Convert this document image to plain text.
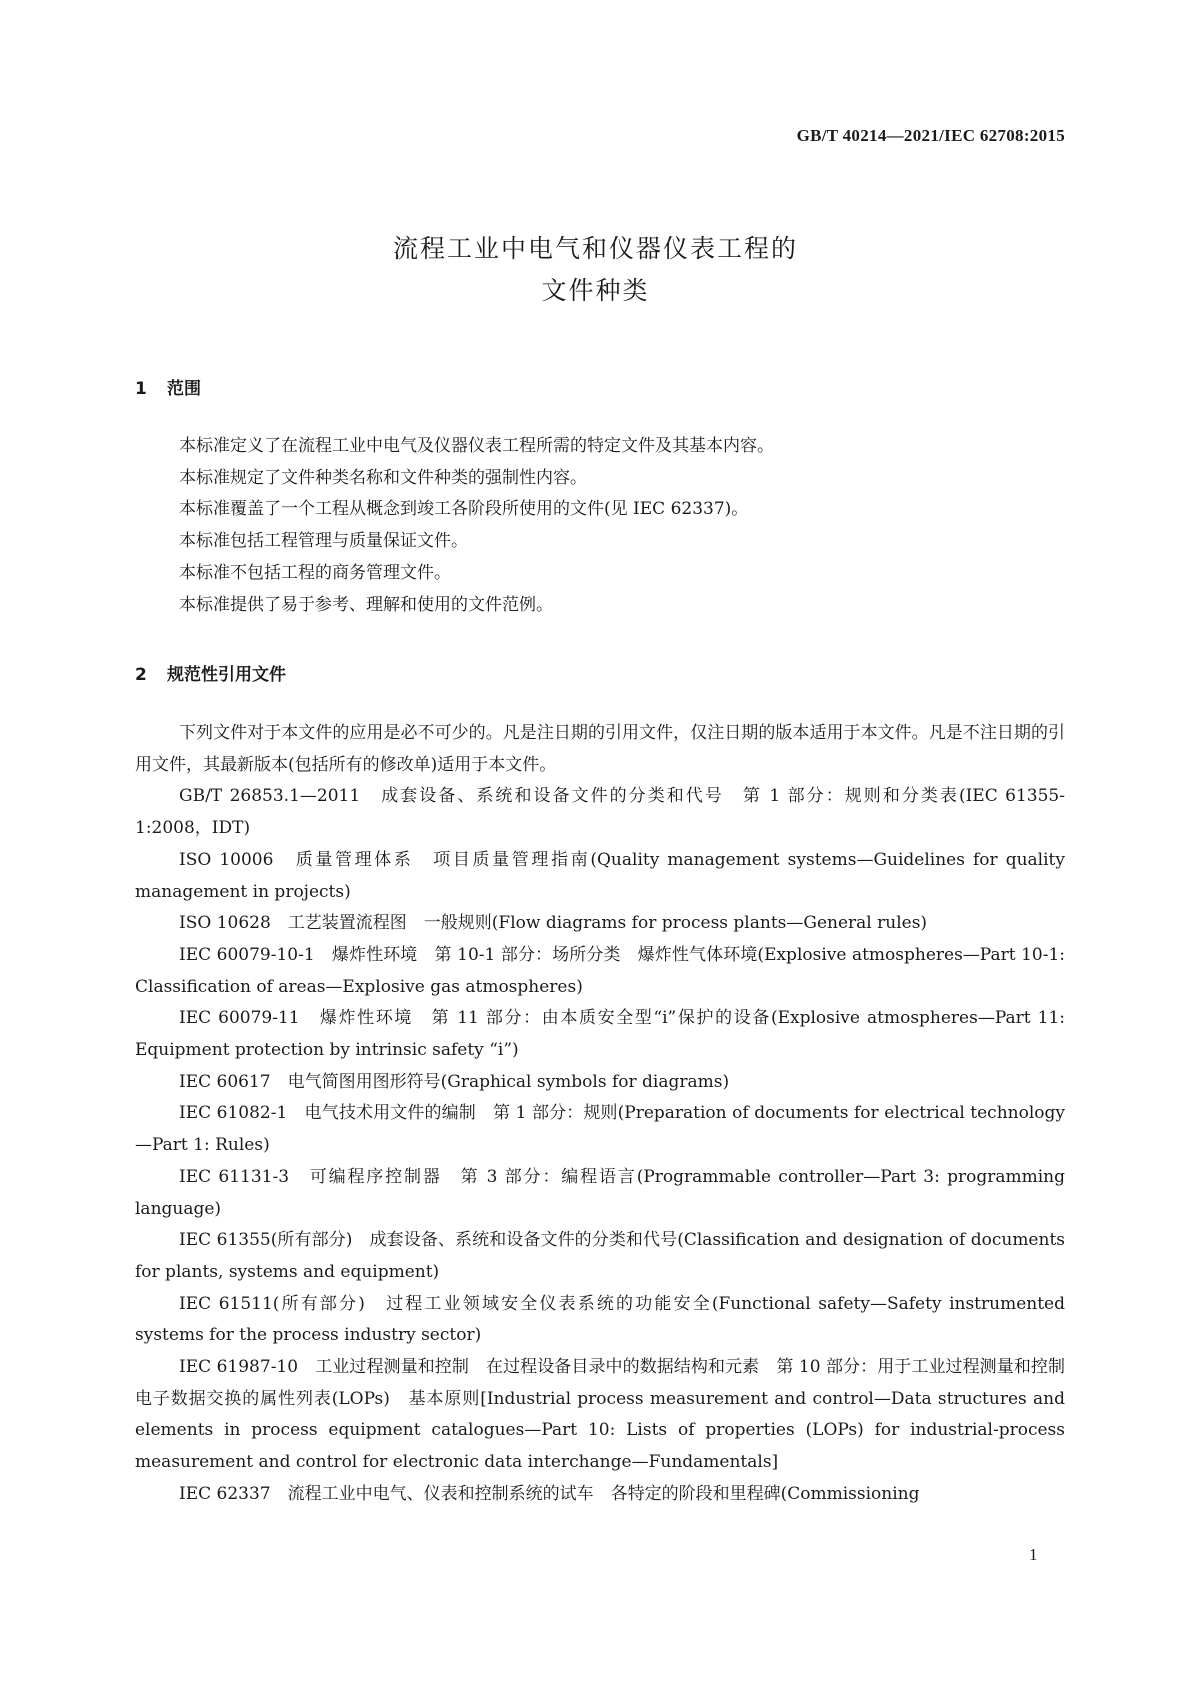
GB/T 40214—2021/IEC 62708:2015
流程工业中电气和仪器仪表工程的
文件种类
1 范围

本标准定义了在流程工业中电气及仪器仪表工程所需的特定文件及其基本内容。

本标准规定了文件种类名称和文件种类的强制性内容。

本标准覆盖了一个工程从概念到竣工各阶段所使用的文件(见 IEC 62337)。

本标准包括工程管理与质量保证文件。

本标准不包括工程的商务管理文件。

本标准提供了易于参考、理解和使用的文件范例。

2 规范性引用文件

下列文件对于本文件的应用是必不可少的。凡是注日期的引用文件，仅注日期的版本适用于本文件。凡是不注日期的引用文件，其最新版本(包括所有的修改单)适用于本文件。

GB/T 26853.1—2011　成套设备、系统和设备文件的分类和代号　第 1 部分：规则和分类表(IEC 61355-1:2008，IDT)

ISO 10006　质量管理体系　项目质量管理指南(Quality management systems—Guidelines for quality management in projects)

ISO 10628　工艺装置流程图　一般规则(Flow diagrams for process plants—General rules)

IEC 60079-10-1　爆炸性环境　第 10-1 部分：场所分类　爆炸性气体环境(Explosive atmospheres—Part 10-1: Classification of areas—Explosive gas atmospheres)

IEC 60079-11　爆炸性环境　第 11 部分：由本质安全型“i”保护的设备(Explosive atmospheres—Part 11: Equipment protection by intrinsic safety “i”)

IEC 60617　电气简图用图形符号(Graphical symbols for diagrams)

IEC 61082-1　电气技术用文件的编制　第 1 部分：规则(Preparation of documents for electrical technology—Part 1: Rules)

IEC 61131-3　可编程序控制器　第 3 部分：编程语言(Programmable controller—Part 3: programming language)

IEC 61355(所有部分)　成套设备、系统和设备文件的分类和代号(Classification and designation of documents for plants, systems and equipment)

IEC 61511(所有部分)　过程工业领域安全仪表系统的功能安全(Functional safety—Safety instrumented systems for the process industry sector)

IEC 61987-10　工业过程测量和控制　在过程设备目录中的数据结构和元素　第 10 部分：用于工业过程测量和控制电子数据交换的属性列表(LOPs)　基本原则[Industrial process measurement and control—Data structures and elements in process equipment catalogues—Part 10: Lists of properties (LOPs) for industrial-process measurement and control for electronic data interchange—Fundamentals]

IEC 62337　流程工业中电气、仪表和控制系统的试车　各特定的阶段和里程碑(Commissioning

1
